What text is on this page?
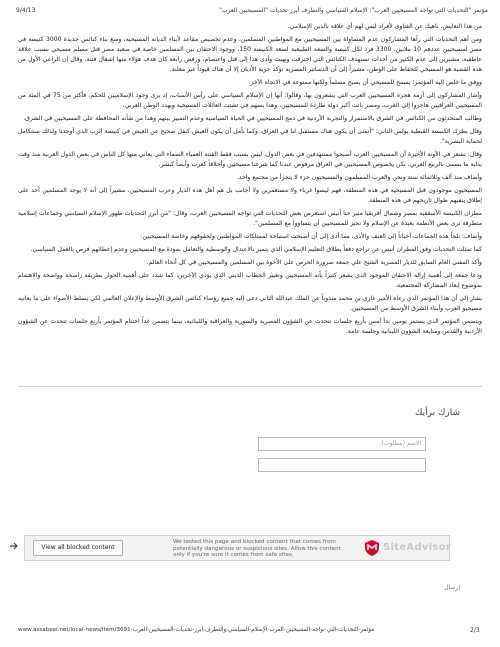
9/4/13	مؤتمر "التحديات التي تواجه المسيحيين العرب": الإسلام السياسي والتطرف أبرز تحديات "المسيحيين العرب"

من هذا التعايش، ناهيك عن الفتاوى لأفراد ليس لهم أي علاقة بالدين الإسلامي.

ومن أهم التحديات التي رآها المشاركون عدم المساواة بين المسيحيين مع المواطنين المسلمين، وعدم تخصيص مقاعد لأبناء الديانة المسيحية، ومنع بناء كنائس جديدة 3000 كنيسة في مصر لمسيحيين عددهم 10 ملايين، 3300 فرد لكل كنيسة والسعة الطبيعية لسعة الكنيسة 150، ووجود الاحتقان بين المسلمين خاصة في صعيد مصر قتل مسلم مسيحي بسبب علاقة عاطفية، مشيرين إلى عدم الكثير من أحداث تستهدف الكنائس التي احترقت ونهبت وأدى هذا إلى قتل واعتصام، ورفض رابعة كان هدف هؤلاء منها إشغال فتنة، وقال إن الراعي الأول من هذه القضية هو المسيحي للحفاظ على الوطن، مشيراً إلى أن الدساتير المصرية تؤكد حرية الأديان إلا أن هناك قيوداً غير معلنة.

ووفق ما خلص إليه المؤتمر؛ يسمح للمسيحي أن يصبح مسلماً ولكنها ممنوعة في الاتجاه الآخر.

وأشار المشاركون إلى أزمة هجرة المسيحيين العرب التي يشعرون بها، وقالوا: أنها إن الإسلام السياسي على رأس الأسباب، إذ يرى وجود الإسلاميين للحكم، فأكثر من 75 في المئة من المسيحيين العراقيين هاجروا إلى الغرب، ومصر باتت أكبر دولة طاردة للمسيحيين، وهذا يسهم في تشتت العائلات المسيحية ويهدد الوطن العربي.

وطالب المتحدثون من الكنائس في الشرق بالاستمرار والتجربة الأردنية في دمج المسيحيين في الحياة السياسية وعدم التمييز بينهم وهذا من شأنه المحافظة على المسيحيين في الشرق.

وقال بطرك الكنيسة القبطية بولس الثاني: "أتمنى أن يكون هناك مستقبل لنا في العراق، وكما نأمل أن يكون العيش كنقل صحيح عن العيش في كنيسة الرب الذي أوجدنا ولذلك سنتكامل لحماية البشرية".

وقال: تشعر في الآونة الأخيرة أن المسيحيين العرب أصبحوا مستهدفين في بعض الدول، ليس بسبب فقط الفتنة العمياء الصماء التي يعاني منها كل الناس في بعض الدول العربية منذ وقت بداية ما يسمى بالربيع العربي، نكن يخصوص المسيحيين في العراق مرفوض عندنا كما شرعنا مسيحيين وأخلاقاً كعرب وأيضاً كبشر.

وأضاف منذ ألف وثلاثمائة سنة ونحن والعرب المسلمون والمسيحيون جزء لا يتجزأ من مجتمع واحد.

المسيحيون موجودون قبل المسيحية في هذه المنطقة، فهم ليسوا غرباء ولا مستعمرين ولا أجانب بل هم أهل هذه الديار وعرب المسيحيين، مشيراً إلى أنه لا يوجد المسلمين أحد على إطلاق ينفيهم طوال تاريخهم في هذه المنطقة.

مطران الكنيسة الأسقفية بمصر وشمال أفريقيا منير حنا أنيس استعرض بعض التحديات التي تواجه المسيحيين العرب، وقال: "من أبرز التحديات ظهور الإسلام السياسي وجماعات إسلامية متطرفة ترى بعض الأنظمة بعيدة عن الإسلام ولا تجيز للمسيحيين أن يتساووا مع المسلمين".

وأضاف: تلجأ هذه الجماعات أحياناً إلى العنف والأذى، مما أدى إلى أن أصبحت استباحة لممتلكات المواطنين ولحقوقهم وخاصة المسيحيين.

كما تمثلت التحديات وفق المطران أنيس عن تراجع دفعاً بطلاق التعليم الإسلامي الذي يتميز بالاعتدال والوسطية والتعامل بمودة مع المسيحيين وعدم إعطائهم فرص بالعمل السياسي.

وأكد المفتي العام السابق للديار المصرية الشيخ علي جمعة ضرورة الحرص على الأخوة بين المسلمين والمسيحيين في كل أنحاء العالم.

ودعا جمعة إلى أهمية إزالة الاحتقان الموجود الذي يشعر كثيراً بأنه المسيحيين وتغيير الخطاب الديني الذي يؤذي الآخرين، كما شدد على أهمية الحوار بطريقة راسخة وواضحة والاهتمام بموضوع إبعاد المشاركة المجتمعية.

يشار إلى أن هذا المؤتمر الذي رعاه الأمير غازي بن محمد مندوباً عن الملك عبدالله الثاني دعى إليه جميع رؤساء كنائس الشرق الأوسط والإعلان العالمي لكي يسلط الأضواء على ما يعانيه مسيحيو العرب وأبناء الشرق الأوسط من المسيحيين.

ويتضمن المؤتمر الذي يستمر يومين بدأ أمس بأربع جلسات تتحدث عن الشؤون المصرية والسورية والعراقية واللبنانية، بينما يتضمن غداً اختتام المؤتمر بأربع جلسات تتحدث عن الشؤون الأردنية والقدس ومتابعة الشؤون اللبنانية وجلسة عامة.

شارك برأيك
الاسم (مطلوب)
View all blocked content
We tested this page and blocked content that comes from potentially dangerous or suspicious sites. Allow this content only if you're sure it comes from safe sites.
SiteAdvisor
إرسال
www.assabeel.net/local-news/item/3691-مؤتمر-التحديات-التي-تواجه-المسيحيين-العرب-الإسلام-السياسي-والتطرف-أبرز-تحديات-المسيحيين-العرب	2/3
